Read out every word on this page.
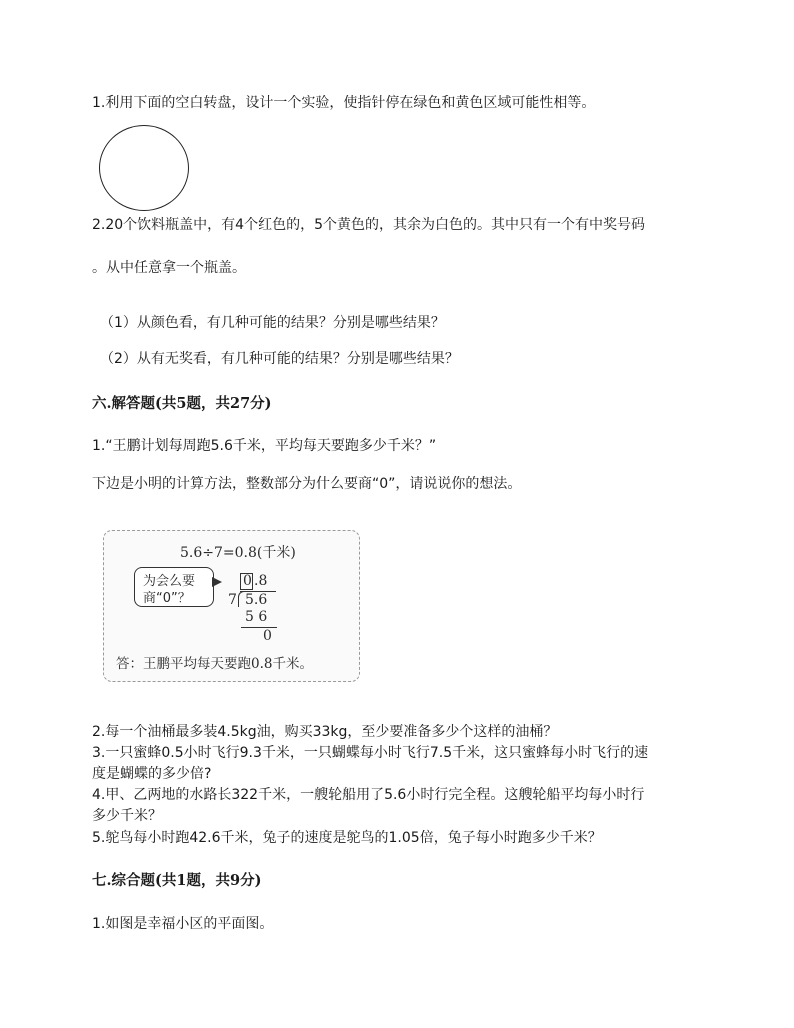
1.利用下面的空白转盘，设计一个实验，使指针停在绿色和黄色区域可能性相等。
2.20个饮料瓶盖中，有4个红色的，5个黄色的，其余为白色的。其中只有一个有中奖号码
。从中任意拿一个瓶盖。
（1）从颜色看，有几种可能的结果？分别是哪些结果？
（2）从有无奖看，有几种可能的结果？分别是哪些结果？
六.解答题(共5题，共27分)
1.“王鹏计划每周跑5.6千米，平均每天要跑多少千米？”
下边是小明的计算方法，整数部分为什么要商“0”，请说说你的想法。
5.6÷7=0.8(千米)
为会么要
商“0”？
0 .8
7 5.6
5 6
0
答：王鹏平均每天要跑0.8千米。
2.每一个油桶最多装4.5kg油，购买33kg，至少要准备多少个这样的油桶？
3.一只蜜蜂0.5小时飞行9.3千米，一只蝴蝶每小时飞行7.5千米，这只蜜蜂每小时飞行的速
度是蝴蝶的多少倍?
4.甲、乙两地的水路长322千米，一艘轮船用了5.6小时行完全程。这艘轮船平均每小时行
多少千米？
5.鸵鸟每小时跑42.6千米，兔子的速度是鸵鸟的1.05倍，兔子每小时跑多少千米？
七.综合题(共1题，共9分)
1.如图是幸福小区的平面图。
